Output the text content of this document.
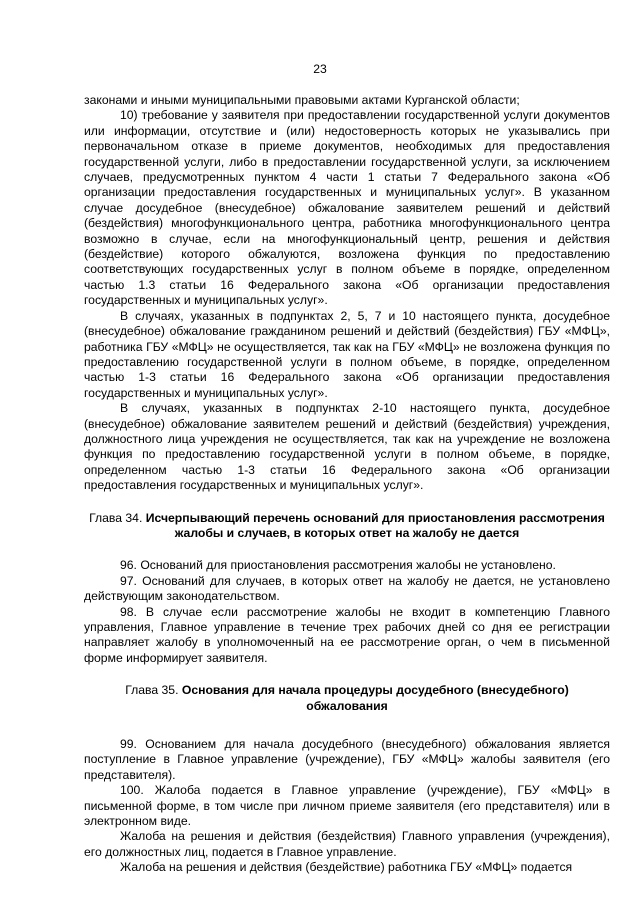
23

законами и иными муниципальными правовыми актами Курганской области;

10) требование у заявителя при предоставлении государственной услуги документов или информации, отсутствие и (или) недостоверность которых не указывались при первоначальном отказе в приеме документов, необходимых для предоставления государственной услуги, либо в предоставлении государственной услуги, за исключением случаев, предусмотренных пунктом 4 части 1 статьи 7 Федерального закона «Об организации предоставления государственных и муниципальных услуг». В указанном случае досудебное (внесудебное) обжалование заявителем решений и действий (бездействия) многофункционального центра, работника многофункционального центра возможно в случае, если на многофункциональный центр, решения и действия (бездействие) которого обжалуются, возложена функция по предоставлению соответствующих государственных услуг в полном объеме в порядке, определенном частью 1.3 статьи 16 Федерального закона «Об организации предоставления государственных и муниципальных услуг».

В случаях, указанных в подпунктах 2, 5, 7 и 10 настоящего пункта, досудебное (внесудебное) обжалование гражданином решений и действий (бездействия) ГБУ «МФЦ», работника ГБУ «МФЦ» не осуществляется, так как на ГБУ «МФЦ» не возложена функция по предоставлению государственной услуги в полном объеме, в порядке, определенном частью 1-3 статьи 16 Федерального закона «Об организации предоставления государственных и муниципальных услуг».

В случаях, указанных в подпунктах 2-10 настоящего пункта, досудебное (внесудебное) обжалование заявителем решений и действий (бездействия) учреждения, должностного лица учреждения не осуществляется, так как на учреждение не возложена функция по предоставлению государственной услуги в полном объеме, в порядке, определенном частью 1-3 статьи 16 Федерального закона «Об организации предоставления государственных и муниципальных услуг».

Глава 34. Исчерпывающий перечень оснований для приостановления рассмотрения жалобы и случаев, в которых ответ на жалобу не дается

96. Оснований для приостановления рассмотрения жалобы не установлено.

97. Оснований для случаев, в которых ответ на жалобу не дается, не установлено действующим законодательством.

98. В случае если рассмотрение жалобы не входит в компетенцию Главного управления, Главное управление в течение трех рабочих дней со дня ее регистрации направляет жалобу в уполномоченный на ее рассмотрение орган, о чем в письменной форме информирует заявителя.

Глава 35. Основания для начала процедуры досудебного (внесудебного) обжалования

99. Основанием для начала досудебного (внесудебного) обжалования является поступление в Главное управление (учреждение), ГБУ «МФЦ» жалобы заявителя (его представителя).

100. Жалоба подается в Главное управление (учреждение), ГБУ «МФЦ» в письменной форме, в том числе при личном приеме заявителя (его представителя) или в электронном виде.

Жалоба на решения и действия (бездействия) Главного управления (учреждения), его должностных лиц, подается в Главное управление.

Жалоба на решения и действия (бездействие) работника ГБУ «МФЦ» подается
